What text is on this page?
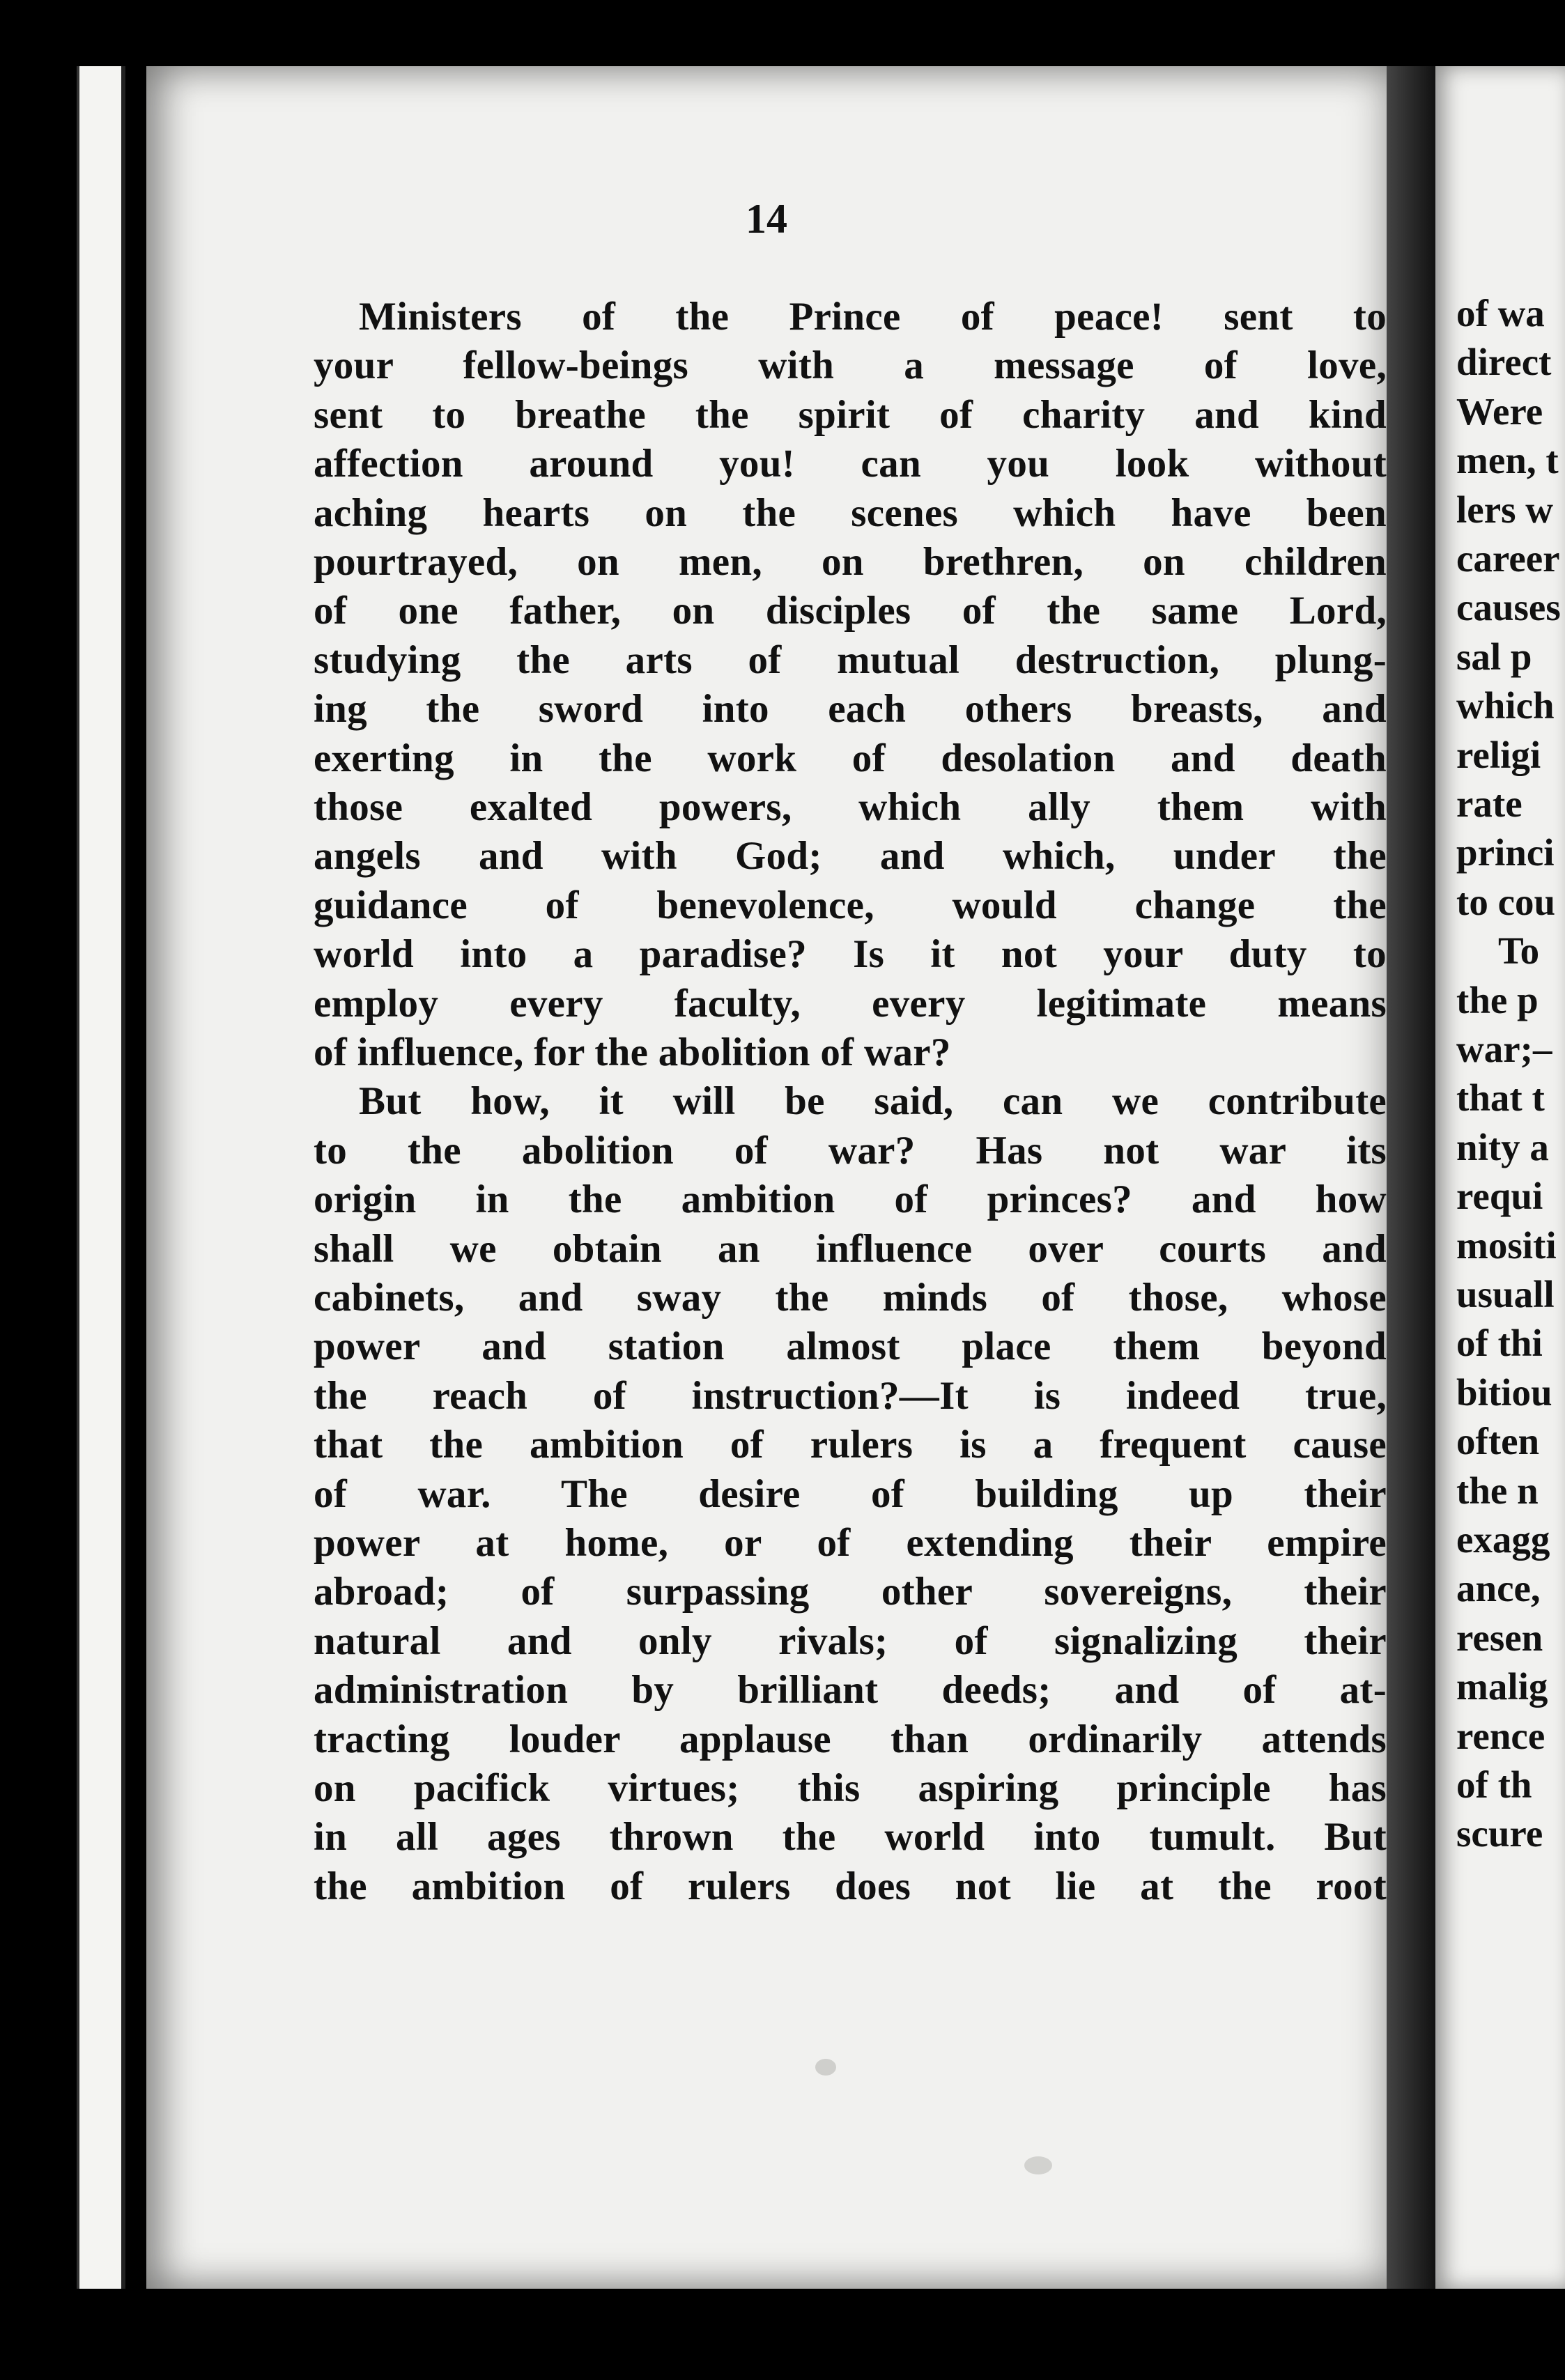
14
Ministers of the Prince of peace! sent to
your fellow-beings with a message of love,
sent to breathe the spirit of charity and kind
affection around you! can you look without
aching hearts on the scenes which have been
pourtrayed, on men, on brethren, on children
of one father, on disciples of the same Lord,
studying the arts of mutual destruction, plung-
ing the sword into each others breasts, and
exerting in the work of desolation and death
those exalted powers, which ally them with
angels and with God; and which, under the
guidance of benevolence, would change the
world into a paradise? Is it not your duty to
employ every faculty, every legitimate means
of influence, for the abolition of war?
But how, it will be said, can we contribute
to the abolition of war? Has not war its
origin in the ambition of princes? and how
shall we obtain an influence over courts and
cabinets, and sway the minds of those, whose
power and station almost place them beyond
the reach of instruction?—It is indeed true,
that the ambition of rulers is a frequent cause
of war. The desire of building up their
power at home, or of extending their empire
abroad; of surpassing other sovereigns, their
natural and only rivals; of signalizing their
administration by brilliant deeds; and of at-
tracting louder applause than ordinarily attends
on pacifick virtues; this aspiring principle has
in all ages thrown the world into tumult. But
the ambition of rulers does not lie at the root
of wa
direct
Were
men, t
lers w
career
causes
sal p
which
religi
rate
princi
to cou
To
the p
war;–
that t
nity a
requi
mositi
usuall
of thi
bitiou
often
the n
exagg
ance,
resen
malig
rence
of th
scure
